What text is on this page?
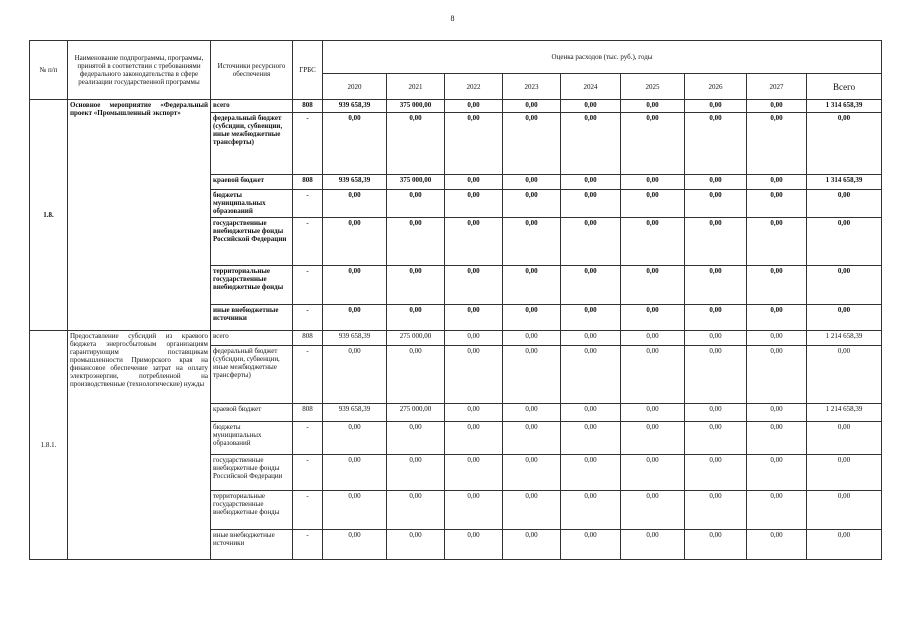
8
№ п/п	Наименование подпрограммы, программы, принятой в соответствии с требованиями федерального законодательства в сфере реализации государственной программы	Источники ресурсного обеспечения	ГРБС	Оценка расходов (тыс. руб.), годы								
				2020	2021	2022	2023	2024	2025	2026	2027	Всего
1.8.	Основное мероприятие «Федеральный проект «Промышленный экспорт»	всего	808	939 658,39	375 000,00	0,00	0,00	0,00	0,00	0,00	0,00	1 314 658,39
		федеральный бюджет (субсидии, субвенции, иные межбюджетные трансферты)	-	0,00	0,00	0,00	0,00	0,00	0,00	0,00	0,00	0,00
		краевой бюджет	808	939 658,39	375 000,00	0,00	0,00	0,00	0,00	0,00	0,00	1 314 658,39
		бюджеты муниципальных образований	-	0,00	0,00	0,00	0,00	0,00	0,00	0,00	0,00	0,00
		государственные внебюджетные фонды Российской Федерации	-	0,00	0,00	0,00	0,00	0,00	0,00	0,00	0,00	0,00
		территориальные государственные внебюджетные фонды	-	0,00	0,00	0,00	0,00	0,00	0,00	0,00	0,00	0,00
		иные внебюджетные источники	-	0,00	0,00	0,00	0,00	0,00	0,00	0,00	0,00	0,00
1.8.1.	Предоставление субсидий из краевого бюджета энергосбытовым организациям гарантирующим поставщикам промышленности Приморского края на финансовое обеспечение затрат на оплату электроэнергии, потребленной на производственные (технологические) нужды	всего	808	939 658,39	275 000,00	0,00	0,00	0,00	0,00	0,00	0,00	1 214 658,39
		федеральный бюджет (субсидии, субвенции, иные межбюджетные трансферты)	-	0,00	0,00	0,00	0,00	0,00	0,00	0,00	0,00	0,00
		краевой бюджет	808	939 658,39	275 000,00	0,00	0,00	0,00	0,00	0,00	0,00	1 214 658,39
		бюджеты муниципальных образований	-	0,00	0,00	0,00	0,00	0,00	0,00	0,00	0,00	0,00
		государственные внебюджетные фонды Российской Федерации	-	0,00	0,00	0,00	0,00	0,00	0,00	0,00	0,00	0,00
		территориальные государственные внебюджетные фонды	-	0,00	0,00	0,00	0,00	0,00	0,00	0,00	0,00	0,00
		иные внебюджетные источники	-	0,00	0,00	0,00	0,00	0,00	0,00	0,00	0,00	0,00
